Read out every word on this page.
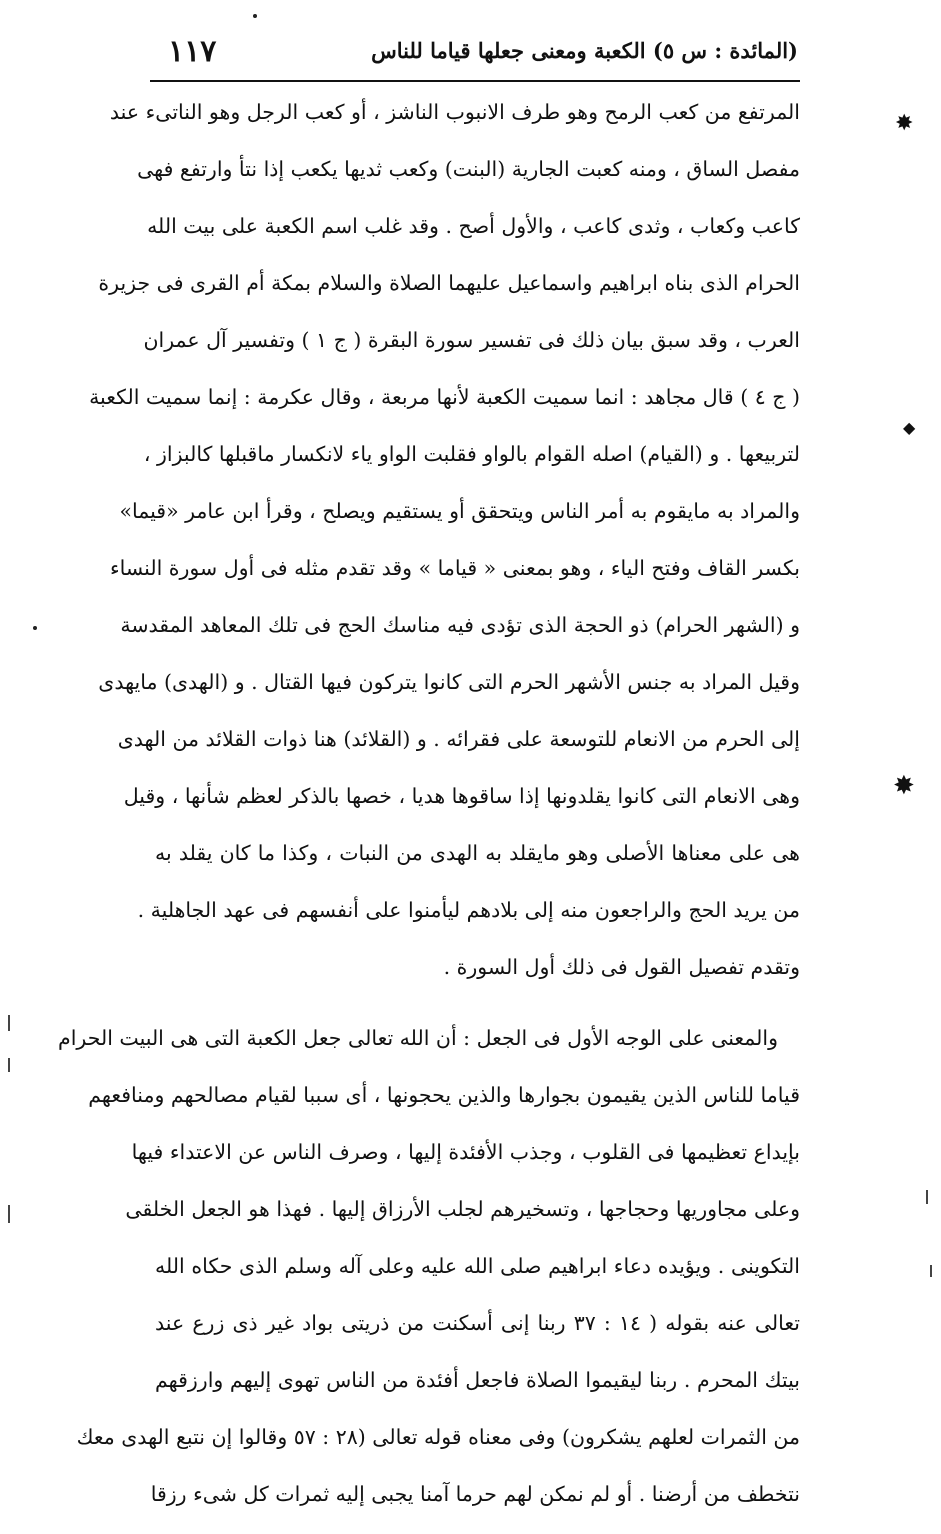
(المائدة : س ٥) الكعبة ومعنى جعلها قياما للناس
١١٧
المرتفع من كعب الرمح وهو طرف الانبوب الناشز ، أو كعب الرجل وهو الناتىء عند
مفصل الساق ، ومنه كعبت الجارية (البنت) وكعب ثديها يكعب إذا نتأ وارتفع فهى
كاعب وكعاب ، وثدى كاعب ، والأول أصح . وقد غلب اسم الكعبة على بيت الله
الحرام الذى بناه ابراهيم واسماعيل عليهما الصلاة والسلام بمكة أم القرى فى جزيرة
العرب ، وقد سبق بيان ذلك فى تفسير سورة البقرة ( ج ١ ) وتفسير آل عمران
( ج ٤ ) قال مجاهد : انما سميت الكعبة لأنها مربعة ، وقال عكرمة : إنما سميت الكعبة
لتربيعها . و (القيام) اصله القوام بالواو فقلبت الواو ياء لانكسار ماقبلها كالبزاز ،
والمراد به مايقوم به أمر الناس ويتحقق أو يستقيم ويصلح ، وقرأ ابن عامر «قيما»
بكسر القاف وفتح الياء ، وهو بمعنى « قياما » وقد تقدم مثله فى أول سورة النساء
و (الشهر الحرام) ذو الحجة الذى تؤدى فيه مناسك الحج فى تلك المعاهد المقدسة
وقيل المراد به جنس الأشهر الحرم التى كانوا يتركون فيها القتال . و (الهدى) مايهدى
إلى الحرم من الانعام للتوسعة على فقرائه . و (القلائد) هنا ذوات القلائد من الهدى
وهى الانعام التى كانوا يقلدونها إذا ساقوها هديا ، خصها بالذكر لعظم شأنها ، وقيل
هى على معناها الأصلى وهو مايقلد به الهدى من النبات ، وكذا ما كان يقلد به
من يريد الحج والراجعون منه إلى بلادهم ليأمنوا على أنفسهم فى عهد الجاهلية .
وتقدم تفصيل القول فى ذلك أول السورة .
والمعنى على الوجه الأول فى الجعل : أن الله تعالى جعل الكعبة التى هى البيت الحرام
قياما للناس الذين يقيمون بجوارها والذين يحجونها ، أى سببا لقيام مصالحهم ومنافعهم
بإيداع تعظيمها فى القلوب ، وجذب الأفئدة إليها ، وصرف الناس عن الاعتداء فيها
وعلى مجاوريها وحجاجها ، وتسخيرهم لجلب الأرزاق إليها . فهذا هو الجعل الخلقى
التكوينى . ويؤيده دعاء ابراهيم صلى الله عليه وعلى آله وسلم الذى حكاه الله
تعالى عنه بقوله ( ١٤ : ٣٧ ربنا إنى أسكنت من ذريتى بواد غير ذى زرع عند
بيتك المحرم . ربنا ليقيموا الصلاة فاجعل أفئدة من الناس تهوى إليهم وارزقهم
من الثمرات لعلهم يشكرون) وفى معناه قوله تعالى (٢٨ : ٥٧ وقالوا إن نتبع الهدى معك
نتخطف من أرضنا . أو لم نمكن لهم حرما آمنا يجبى إليه ثمرات كل شىء رزقا
✸
◆
✸
